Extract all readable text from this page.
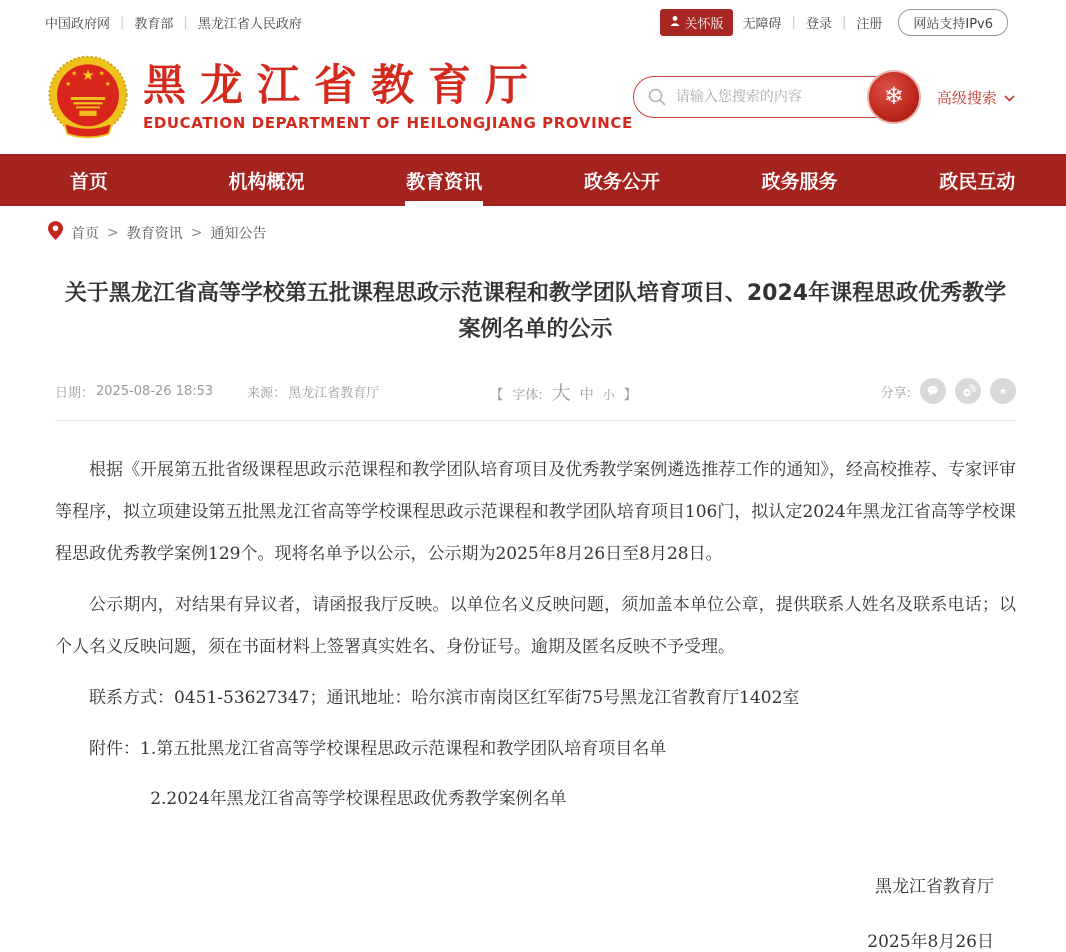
中国政府网 | 教育部 | 黑龙江省人民政府	关怀版 无障碍 | 登录 | 注册	网站支持IPv6
★
★	★
★	★ 黑龙江省教育厅
EDUCATION DEPARTMENT OF HEILONGJIANG PROVINCE
请输入您搜索的内容
❄ 高级搜索
首页	机构概况	教育资讯	政务公开	政务服务	政民互动
首页 > 教育资讯 > 通知公告
关于黑龙江省高等学校第五批课程思政示范课程和教学团队培育项目、2024年课程思政优秀教学案例名单的公示
日期： 2025-08-26 18:53	来源： 黑龙江省教育厅	【 字体: 大 中 小 】	分享:	★

根据《开展第五批省级课程思政示范课程和教学团队培育项目及优秀教学案例遴选推荐工作的通知》，经高校推荐、专家评审等程序，拟立项建设第五批黑龙江省高等学校课程思政示范课程和教学团队培育项目106门，拟认定2024年黑龙江省高等学校课程思政优秀教学案例129个。现将名单予以公示，公示期为2025年8月26日至8月28日。

公示期内，对结果有异议者，请函报我厅反映。以单位名义反映问题，须加盖本单位公章，提供联系人姓名及联系电话；以个人名义反映问题，须在书面材料上签署真实姓名、身份证号。逾期及匿名反映不予受理。

联系方式：0451-53627347；通讯地址：哈尔滨市南岗区红军街75号黑龙江省教育厅1402室

附件：1.第五批黑龙江省高等学校课程思政示范课程和教学团队培育项目名单

2.2024年黑龙江省高等学校课程思政优秀教学案例名单

黑龙江省教育厅
2025年8月26日
